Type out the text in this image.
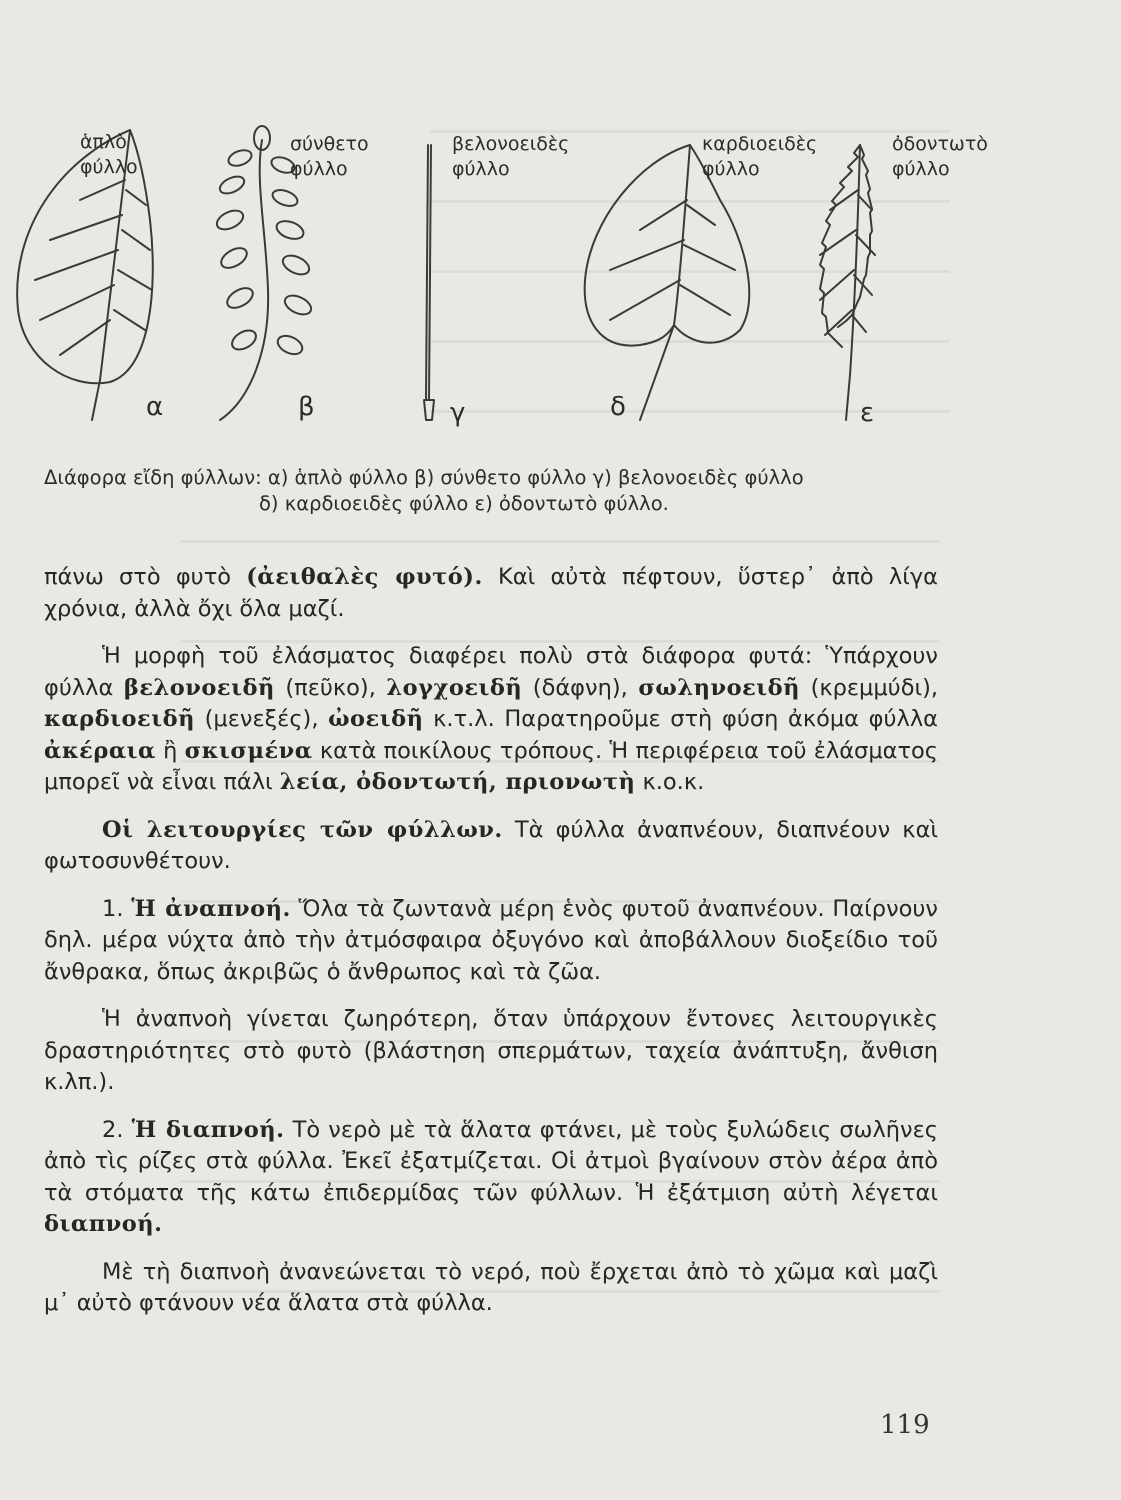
ἁπλὸ
φύλλο
σύνθετο
φύλλο
βελονοειδὲς
φύλλο
καρδιοειδὲς
φύλλο
ὀδοντωτὸ
φύλλο
α	β	γ	δ	ε
Διάφορα εἴδη φύλλων: α) ἁπλὸ φύλλο β) σύνθετο φύλλο γ) βελονοειδὲς φύλλο
δ) καρδιοειδὲς φύλλο ε) ὀδοντωτὸ φύλλο.

πάνω στὸ φυτὸ (ἀειθαλὲς φυτό). Καὶ αὐτὰ πέφτουν, ὕστερ᾽ ἀπὸ λίγα χρόνια, ἀλλὰ ὄχι ὅλα μαζί.

Ἡ μορφὴ τοῦ ἐλάσματος διαφέρει πολὺ στὰ διάφορα φυτά: Ὑπάρχουν φύλλα βελονοειδῆ (πεῦκο), λογχοειδῆ (δάφνη), σωληνοειδῆ (κρεμμύδι), καρδιοειδῆ (μενεξές), ὠοειδῆ κ.τ.λ. Παρατηροῦμε στὴ φύση ἀκόμα φύλλα ἀκέραια ἢ σκισμένα κατὰ ποικίλους τρόπους. Ἡ περιφέρεια τοῦ ἐλάσματος μπορεῖ νὰ εἶναι πάλι λεία, ὀδοντωτή, πριονωτὴ κ.ο.κ.

Οἱ λειτουργίες τῶν φύλλων. Τὰ φύλλα ἀναπνέουν, διαπνέουν καὶ φωτοσυνθέτουν.

1. Ἡ ἀναπνοή. Ὅλα τὰ ζωντανὰ μέρη ἑνὸς φυτοῦ ἀναπνέουν. Παίρνουν δηλ. μέρα νύχτα ἀπὸ τὴν ἀτμόσφαιρα ὀξυγόνο καὶ ἀποβάλλουν διοξείδιο τοῦ ἄνθρακα, ὅπως ἀκριβῶς ὁ ἄνθρωπος καὶ τὰ ζῶα.

Ἡ ἀναπνοὴ γίνεται ζωηρότερη, ὅταν ὑπάρχουν ἔντονες λειτουργικὲς δραστηριότητες στὸ φυτὸ (βλάστηση σπερμάτων, ταχεία ἀνάπτυξη, ἄνθιση κ.λπ.).

2. Ἡ διαπνοή. Τὸ νερὸ μὲ τὰ ἅλατα φτάνει, μὲ τοὺς ξυλώδεις σωλῆνες ἀπὸ τὶς ρίζες στὰ φύλλα. Ἐκεῖ ἐξατμίζεται. Οἱ ἀτμοὶ βγαίνουν στὸν ἀέρα ἀπὸ τὰ στόματα τῆς κάτω ἐπιδερμίδας τῶν φύλλων. Ἡ ἐξάτμιση αὐτὴ λέγεται διαπνοή.

Μὲ τὴ διαπνοὴ ἀνανεώνεται τὸ νερό, ποὺ ἔρχεται ἀπὸ τὸ χῶμα καὶ μαζὶ μ᾽ αὐτὸ φτάνουν νέα ἅλατα στὰ φύλλα.

119
